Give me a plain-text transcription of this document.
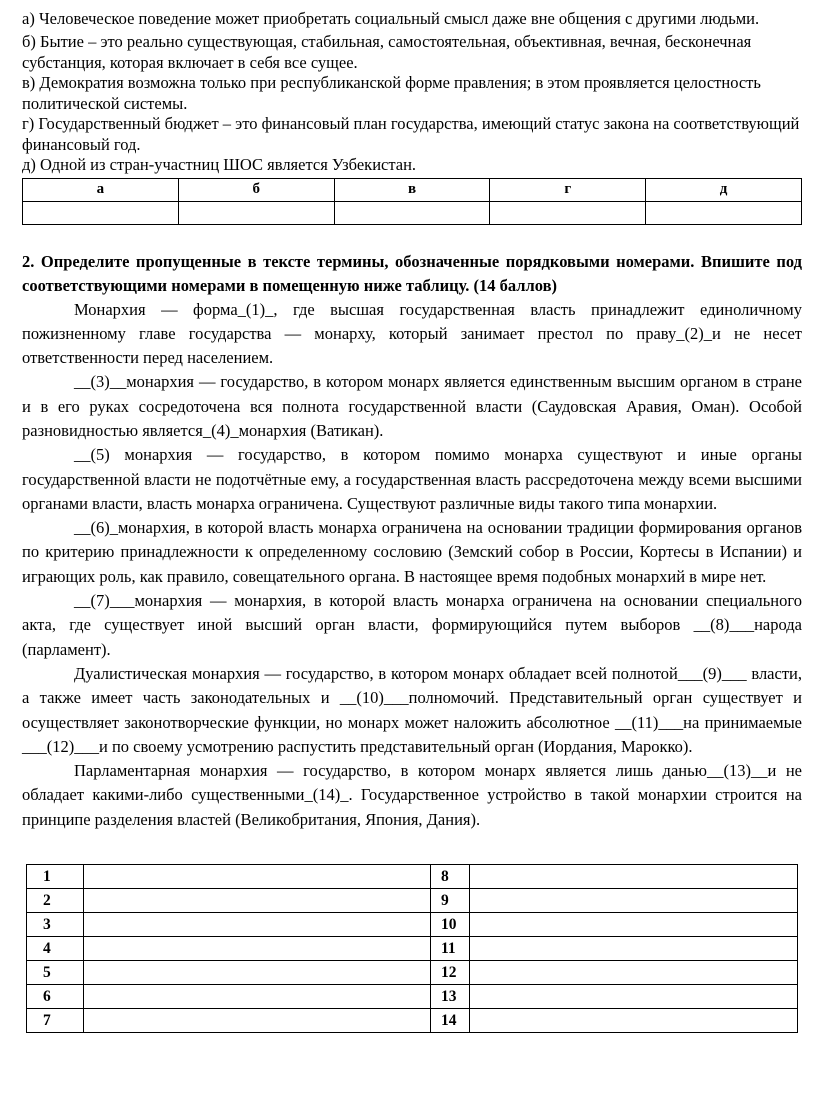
а) Человеческое поведение может приобретать социальный смысл даже вне общения с другими людьми.

б) Бытие – это реально существующая, стабильная, самостоятельная, объективная, вечная, бесконечная субстанция, которая включает в себя все сущее.

в) Демократия возможна только при республиканской форме правления; в этом проявляется целостность политической системы.

г) Государственный бюджет – это финансовый план государства, имеющий статус закона на соответствующий финансовый год.

д) Одной из стран-участниц ШОС является Узбекистан.

а	б	в	г	д

2. Определите пропущенные в тексте термины, обозначенные порядковыми номерами. Впишите под соответствующими номерами в помещенную ниже таблицу. (14 баллов)

Монархия — форма_(1)_, где высшая государственная власть принадлежит единоличному пожизненному главе государства — монарху, который занимает престол по праву_(2)_и не несет ответственности перед населением.

__(3)__монархия — государство, в котором монарх является единственным высшим органом в стране и в его руках сосредоточена вся полнота государственной власти (Саудовская Аравия, Оман). Особой разновидностью является_(4)_монархия (Ватикан).

__(5) монархия — государство, в котором помимо монарха существуют и иные органы государственной власти не подотчётные ему, а государственная власть рассредоточена между всеми высшими органами власти, власть монарха ограничена. Существуют различные виды такого типа монархии.

__(6)_монархия, в которой власть монарха ограничена на основании традиции формирования органов по критерию принадлежности к определенному сословию (Земский собор в России, Кортесы в Испании) и играющих роль, как правило, совещательного органа. В настоящее время подобных монархий в мире нет.

__(7)___монархия — монархия, в которой власть монарха ограничена на основании специального акта, где существует иной высший орган власти, формирующийся путем выборов __(8)___народа (парламент).

Дуалистическая монархия — государство, в котором монарх обладает всей полнотой___(9)___ власти, а также имеет часть законодательных и __(10)___полномочий. Представительный орган существует и осуществляет законотворческие функции, но монарх может наложить абсолютное __(11)___на принимаемые ___(12)___и по своему усмотрению распустить представительный орган (Иордания, Марокко).

Парламентарная монархия — государство, в котором монарх является лишь данью__(13)__и не обладает какими-либо существенными_(14)_. Государственное устройство в такой монархии строится на принципе разделения властей (Великобритания, Япония, Дания).

1		8	
2		9	
3		10	
4		11	
5		12	
6		13	
7		14	
